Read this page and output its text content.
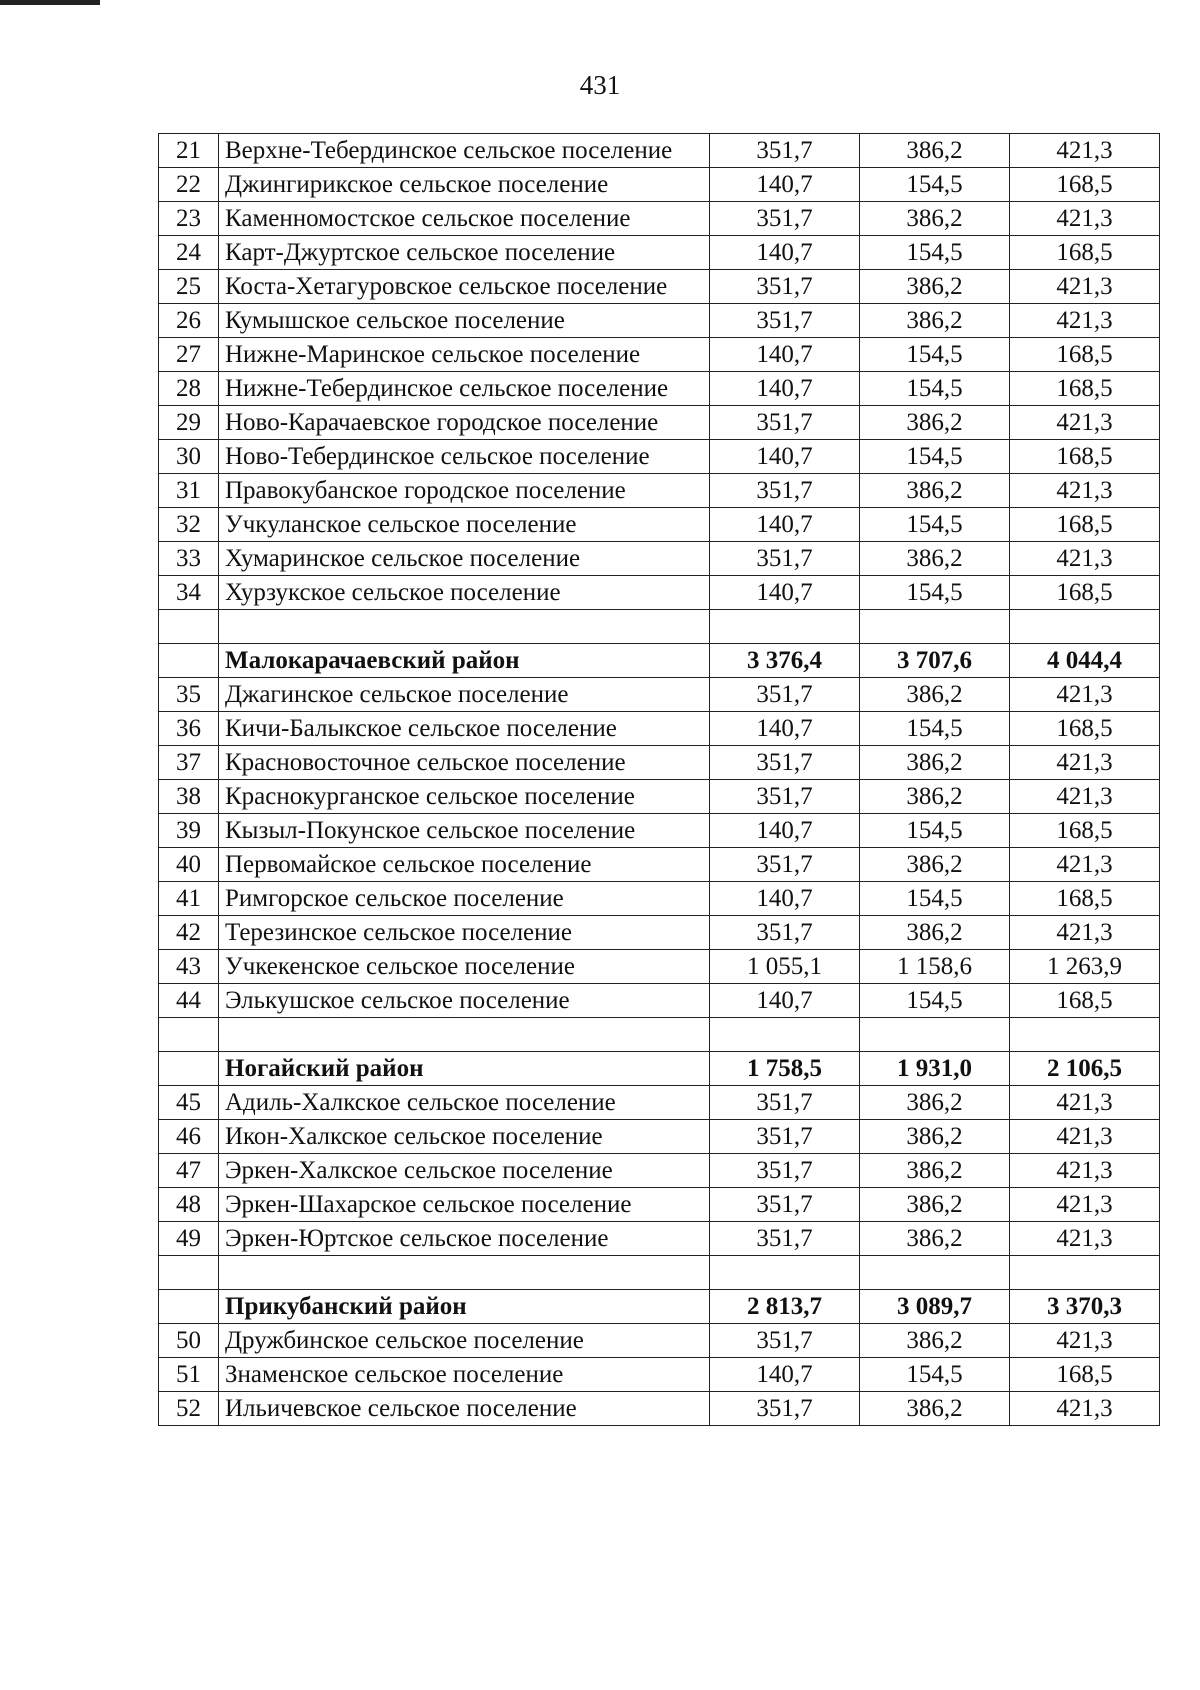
431
21	Верхне-Тебердинское сельское поселение	351,7	386,2	421,3
22	Джингирикское сельское поселение	140,7	154,5	168,5
23	Каменномостское сельское поселение	351,7	386,2	421,3
24	Карт-Джуртское сельское поселение	140,7	154,5	168,5
25	Коста-Хетагуровское сельское поселение	351,7	386,2	421,3
26	Кумышское сельское поселение	351,7	386,2	421,3
27	Нижне-Маринское сельское поселение	140,7	154,5	168,5
28	Нижне-Тебердинское сельское поселение	140,7	154,5	168,5
29	Ново-Карачаевское городское поселение	351,7	386,2	421,3
30	Ново-Тебердинское сельское поселение	140,7	154,5	168,5
31	Правокубанское городское поселение	351,7	386,2	421,3
32	Учкуланское сельское поселение	140,7	154,5	168,5
33	Хумаринское сельское поселение	351,7	386,2	421,3
34	Хурзукское сельское поселение	140,7	154,5	168,5

	Малокарачаевский район	3 376,4	3 707,6	4 044,4
35	Джагинское сельское поселение	351,7	386,2	421,3
36	Кичи-Балыкское сельское поселение	140,7	154,5	168,5
37	Красновосточное сельское поселение	351,7	386,2	421,3
38	Краснокурганское сельское поселение	351,7	386,2	421,3
39	Кызыл-Покунское сельское поселение	140,7	154,5	168,5
40	Первомайское сельское поселение	351,7	386,2	421,3
41	Римгорское сельское поселение	140,7	154,5	168,5
42	Терезинское сельское поселение	351,7	386,2	421,3
43	Учкекенское сельское поселение	1 055,1	1 158,6	1 263,9
44	Элькушское сельское поселение	140,7	154,5	168,5

	Ногайский район	1 758,5	1 931,0	2 106,5
45	Адиль-Халкское сельское поселение	351,7	386,2	421,3
46	Икон-Халкское сельское поселение	351,7	386,2	421,3
47	Эркен-Халкское сельское поселение	351,7	386,2	421,3
48	Эркен-Шахарское сельское поселение	351,7	386,2	421,3
49	Эркен-Юртское сельское поселение	351,7	386,2	421,3

	Прикубанский район	2 813,7	3 089,7	3 370,3
50	Дружбинское сельское поселение	351,7	386,2	421,3
51	Знаменское сельское поселение	140,7	154,5	168,5
52	Ильичевское сельское поселение	351,7	386,2	421,3
